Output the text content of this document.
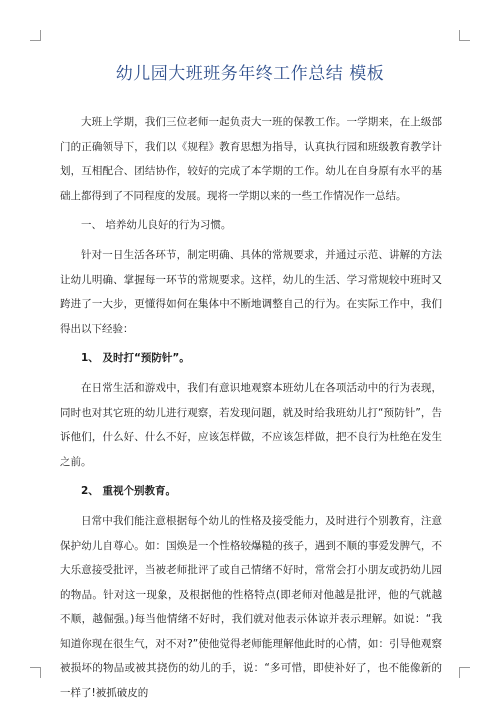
幼儿园大班班务年终工作总结 模板

大班上学期，我们三位老师一起负责大一班的保教工作。一学期来，在上级部门的正确领导下，我们以《规程》教育思想为指导，认真执行园和班级教育教学计划，互相配合、团结协作，较好的完成了本学期的工作。幼儿在自身原有水平的基础上都得到了不同程度的发展。现将一学期以来的一些工作情况作一总结。

一、 培养幼儿良好的行为习惯。

针对一日生活各环节，制定明确、具体的常规要求，并通过示范、讲解的方法让幼儿明确、掌握每一环节的常规要求。这样，幼儿的生活、学习常规较中班时又跨进了一大步，更懂得如何在集体中不断地调整自己的行为。在实际工作中，我们得出以下经验：

1、 及时打“预防针”。

在日常生活和游戏中，我们有意识地观察本班幼儿在各项活动中的行为表现，同时也对其它班的幼儿进行观察，若发现问题，就及时给我班幼儿打“预防针”，告诉他们，什么好、什么不好，应该怎样做，不应该怎样做，把不良行为杜绝在发生之前。

2、 重视个别教育。

日常中我们能注意根据每个幼儿的性格及接受能力，及时进行个别教育，注意保护幼儿自尊心。如：国焕是一个性格较爆糙的孩子，遇到不顺的事爱发脾气，不大乐意接受批评，当被老师批评了或自己情绪不好时，常常会打小朋友或扔幼儿园的物品。针对这一现象，及根据他的性格特点(即老师对他越是批评，他的气就越不顺，越倔强。)每当他情绪不好时，我们就对他表示体谅并表示理解。如说：“我知道你现在很生气，对不对?”使他觉得老师能理解他此时的心情，如：引导他观察被损坏的物品或被其挠伤的幼儿的手，说：“多可惜，即使补好了，也不能像新的一样了!被抓破皮的
